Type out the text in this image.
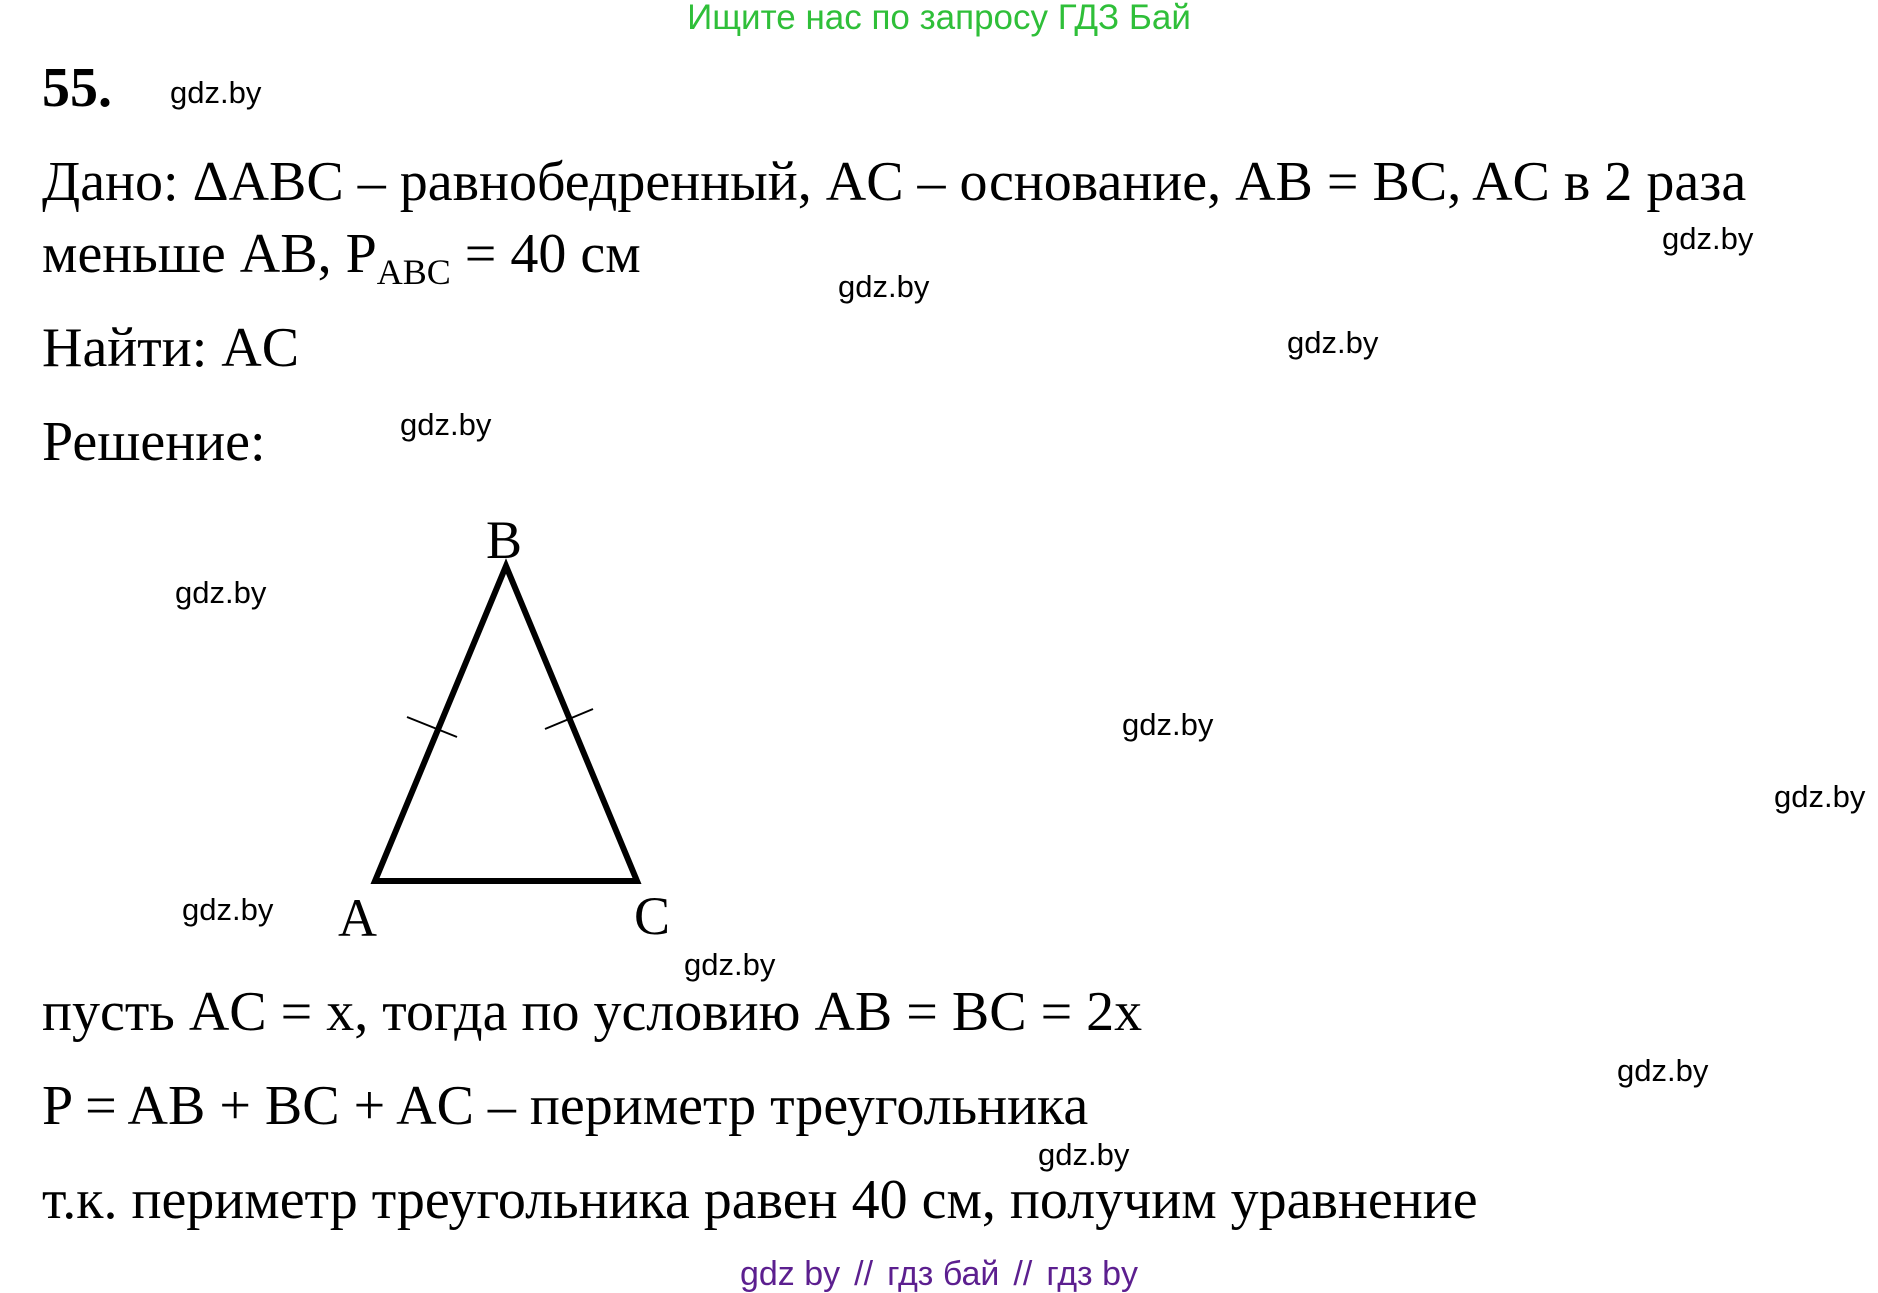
Ищите нас по запросу ГДЗ Бай
55. gdz.by
gdz.by
gdz.by
gdz.by
gdz.by
gdz.by
gdz.by
gdz.by
gdz.by
gdz.by
gdz.by
gdz.by
Дано: ΔABC – равнобедренный, AC – основание, AB = BC, AC в 2 раза
меньше AB, $P_{ABC} = 40$ см
Найти: AC
Решение:
B
A	C
пусть AC = x, тогда по условию AB = BC = 2x
P = AB + BC + AC – периметр треугольника
т.к. периметр треугольника равен 40 см, получим уравнение
gdz by // гдз бай // гдз by
